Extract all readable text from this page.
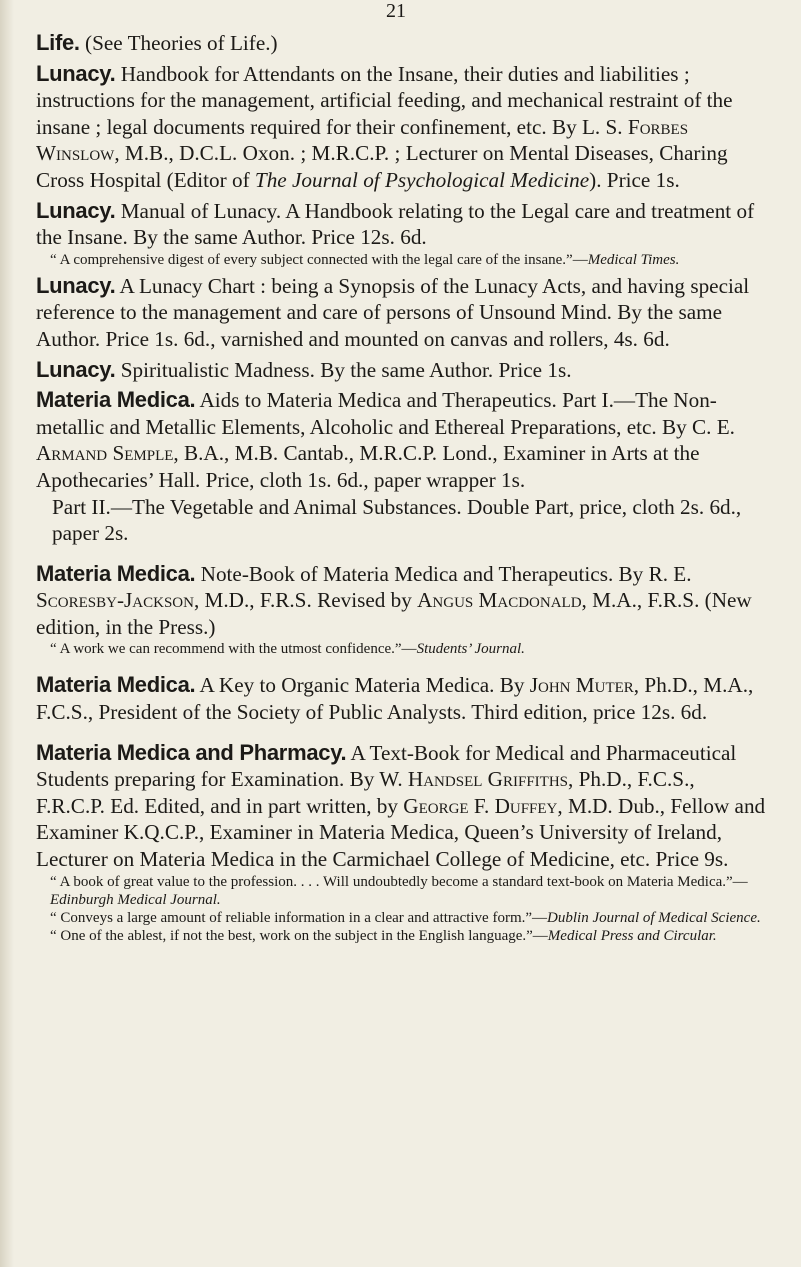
21

Life. (See Theories of Life.)

Lunacy. Handbook for Attendants on the Insane, their duties and liabilities ; instructions for the management, artificial feeding, and mechanical restraint of the insane ; legal documents required for their confinement, etc. By L. S. Forbes Winslow, M.B., D.C.L. Oxon. ; M.R.C.P. ; Lecturer on Mental Diseases, Charing Cross Hospital (Editor of The Journal of Psychological Medicine). Price 1s.

Lunacy. Manual of Lunacy. A Handbook relating to the Legal care and treatment of the Insane. By the same Author. Price 12s. 6d.

“ A comprehensive digest of every subject connected with the legal care of the insane.”—Medical Times.

Lunacy. A Lunacy Chart : being a Synopsis of the Lunacy Acts, and having special reference to the management and care of persons of Unsound Mind. By the same Author. Price 1s. 6d., varnished and mounted on canvas and rollers, 4s. 6d.

Lunacy. Spiritualistic Madness. By the same Author. Price 1s.

Materia Medica. Aids to Materia Medica and Therapeutics. Part I.—The Non-metallic and Metallic Elements, Alcoholic and Ethereal Preparations, etc. By C. E. Armand Semple, B.A., M.B. Cantab., M.R.C.P. Lond., Examiner in Arts at the Apothecaries’ Hall. Price, cloth 1s. 6d., paper wrapper 1s.

Part II.—The Vegetable and Animal Substances. Double Part, price, cloth 2s. 6d., paper 2s.

Materia Medica. Note-Book of Materia Medica and Therapeutics. By R. E. Scoresby-Jackson, M.D., F.R.S. Revised by Angus Macdonald, M.A., F.R.S. (New edition, in the Press.)

“ A work we can recommend with the utmost confidence.”—Students’ Journal.

Materia Medica. A Key to Organic Materia Medica. By John Muter, Ph.D., M.A., F.C.S., President of the Society of Public Analysts. Third edition, price 12s. 6d.

Materia Medica and Pharmacy. A Text-Book for Medical and Pharmaceutical Students preparing for Examination. By W. Handsel Griffiths, Ph.D., F.C.S., F.R.C.P. Ed. Edited, and in part written, by George F. Duffey, M.D. Dub., Fellow and Examiner K.Q.C.P., Examiner in Materia Medica, Queen’s University of Ireland, Lecturer on Materia Medica in the Carmichael College of Medicine, etc. Price 9s.

“ A book of great value to the profession. . . . Will undoubtedly become a standard text-book on Materia Medica.”—Edinburgh Medical Journal.

“ Conveys a large amount of reliable information in a clear and attractive form.”—Dublin Journal of Medical Science.

“ One of the ablest, if not the best, work on the subject in the English language.”—Medical Press and Circular.
